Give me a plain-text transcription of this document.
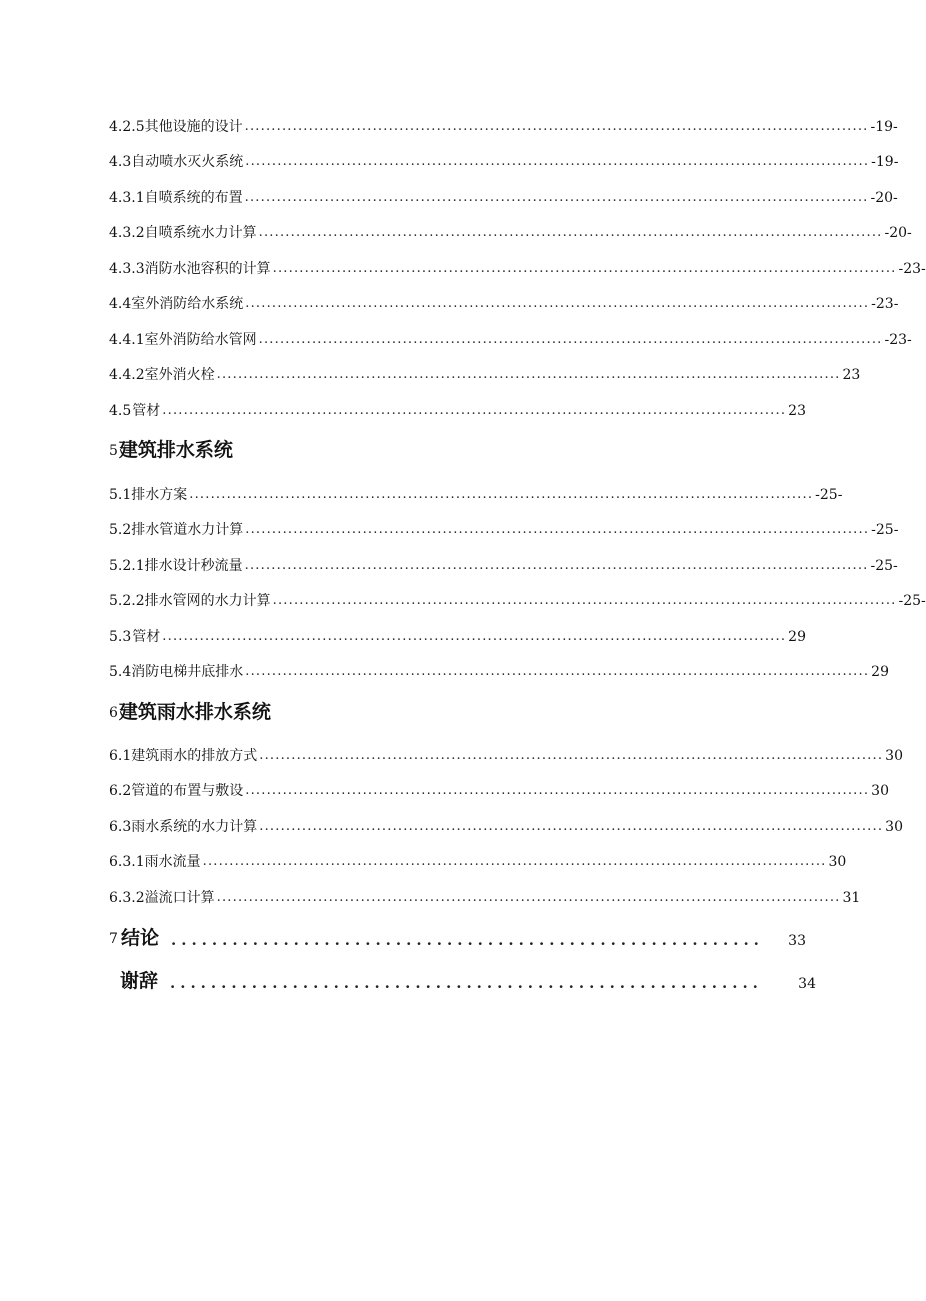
4.2.5 其他设施的设计 ..................................................................................................................... -19-
4.3 自动喷水灭火系统 ..................................................................................................................... -19-
4.3.1 自喷系统的布置 ..................................................................................................................... -20-
4.3.2 自喷系统水力计算 ..................................................................................................................... -20-
4.3.3 消防水池容积的计算 ..................................................................................................................... -23-
4.4 室外消防给水系统 ..................................................................................................................... -23-
4.4.1 室外消防给水管网 ..................................................................................................................... -23-
4.4.2 室外消火栓 ..................................................................................................................... 23
4.5 管材 ..................................................................................................................... 23
5 建筑排水系统
5.1 排水方案 ..................................................................................................................... -25-
5.2 排水管道水力计算 ..................................................................................................................... -25-
5.2.1 排水设计秒流量 ..................................................................................................................... -25-
5.2.2 排水管网的水力计算 ..................................................................................................................... -25-
5.3 管材 ..................................................................................................................... 29
5.4 消防电梯井底排水 ..................................................................................................................... 29
6 建筑雨水排水系统
6.1 建筑雨水的排放方式 ..................................................................................................................... 30
6.2 管道的布置与敷设 ..................................................................................................................... 30
6.3 雨水系统的水力计算 ..................................................................................................................... 30
6.3.1 雨水流量 ..................................................................................................................... 30
6.3.2 溢流口计算 ..................................................................................................................... 31
7 结论 ..........................................................	33
谢辞 ..........................................................	34
